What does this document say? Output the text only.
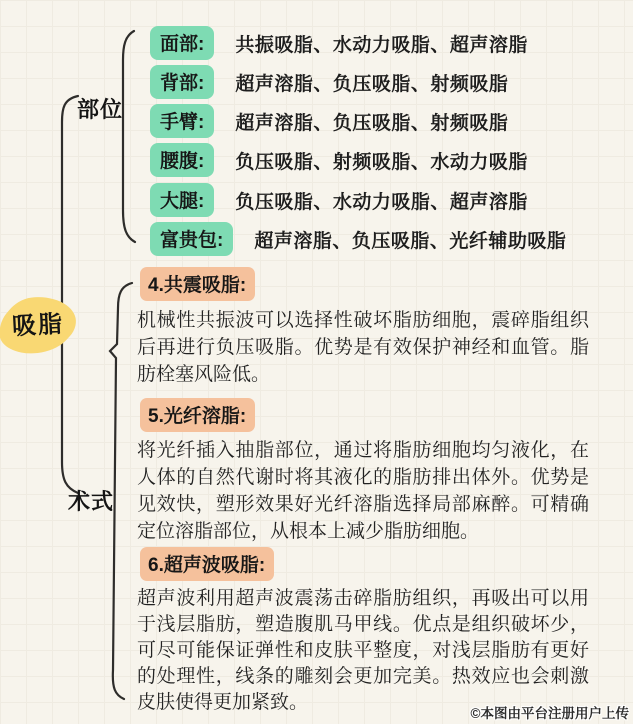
吸脂
部位
术式
面部:	共振吸脂、水动力吸脂、超声溶脂
背部:	超声溶脂、负压吸脂、射频吸脂
手臂:	超声溶脂、负压吸脂、射频吸脂
腰腹:	负压吸脂、射频吸脂、水动力吸脂
大腿:	负压吸脂、水动力吸脂、超声溶脂
富贵包:	超声溶脂、负压吸脂、光纤辅助吸脂
4.共震吸脂:
机械性共振波可以选择性破坏脂肪细胞，震碎脂组织后再进行负压吸脂。优势是有效保护神经和血管。脂肪栓塞风险低。
5.光纤溶脂:
将光纤插入抽脂部位，通过将脂肪细胞均匀液化，在人体的自然代谢时将其液化的脂肪排出体外。优势是见效快，塑形效果好光纤溶脂选择局部麻醉。可精确定位溶脂部位，从根本上减少脂肪细胞。
6.超声波吸脂:
超声波利用超声波震荡击碎脂肪组织，再吸出可以用于浅层脂肪，塑造腹肌马甲线。优点是组织破坏少，可尽可能保证弹性和皮肤平整度，对浅层脂肪有更好的处理性，线条的雕刻会更加完美。热效应也会刺激皮肤使得更加紧致。
©本图由平台注册用户上传
